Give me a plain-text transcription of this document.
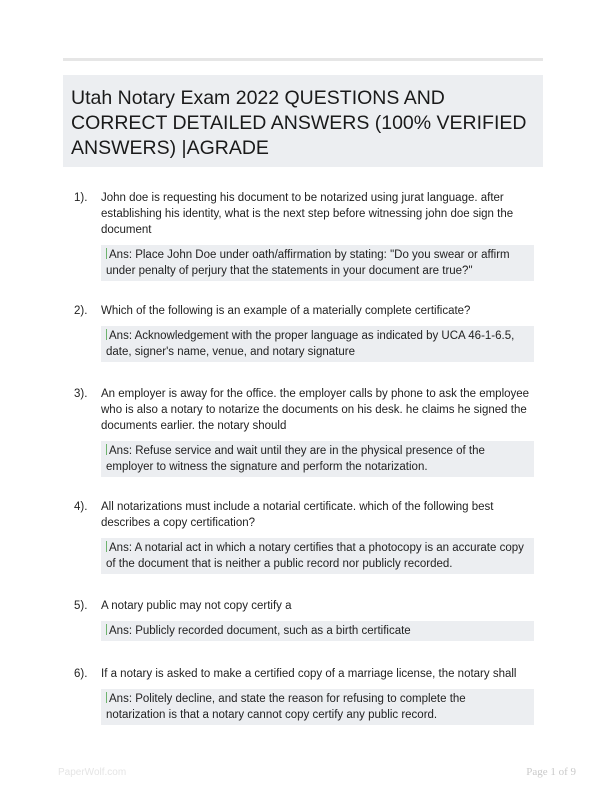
Utah Notary Exam 2022 QUESTIONS AND CORRECT DETAILED ANSWERS (100% VERIFIED ANSWERS) |AGRADE
1).	John doe is requesting his document to be notarized using jurat language. after establishing his identity, what is the next step before witnessing john doe sign the document
Ans: Place John Doe under oath/affirmation by stating: "Do you swear or affirm under penalty of perjury that the statements in your document are true?"
2).	Which of the following is an example of a materially complete certificate?
Ans: Acknowledgement with the proper language as indicated by UCA 46-1-6.5, date, signer's name, venue, and notary signature
3).	An employer is away for the office. the employer calls by phone to ask the employee who is also a notary to notarize the documents on his desk. he claims he signed the documents earlier. the notary should
Ans: Refuse service and wait until they are in the physical presence of the employer to witness the signature and perform the notarization.
4).	All notarizations must include a notarial certificate. which of the following best describes a copy certification?
Ans: A notarial act in which a notary certifies that a photocopy is an accurate copy of the document that is neither a public record nor publicly recorded.
5).	A notary public may not copy certify a
Ans: Publicly recorded document, such as a birth certificate
6).	If a notary is asked to make a certified copy of a marriage license, the notary shall
Ans: Politely decline, and state the reason for refusing to complete the notarization is that a notary cannot copy certify any public record.
PaperWolf.com	Page 1 of 9
